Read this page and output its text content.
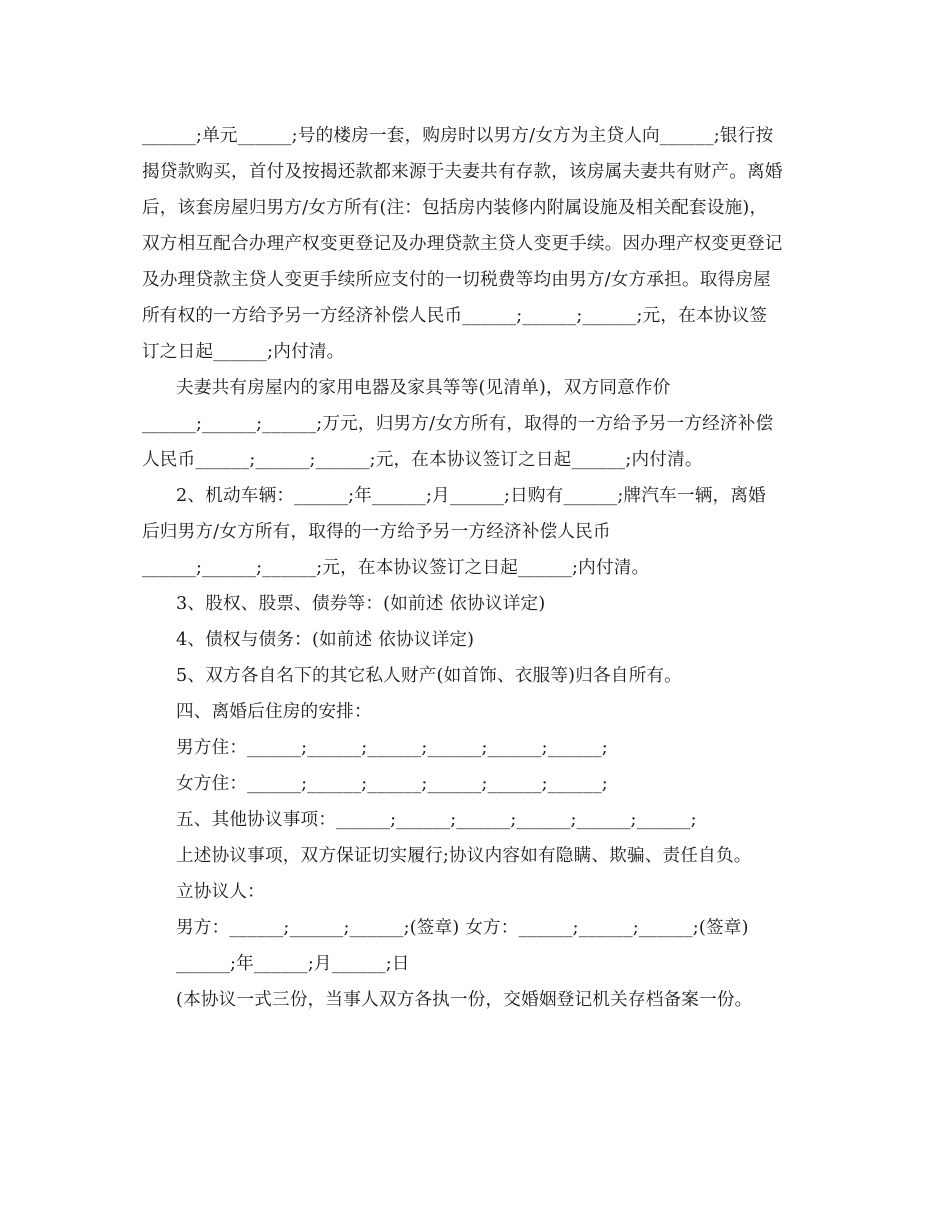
______;单元______;号的楼房一套，购房时以男方/女方为主贷人向______;银行按
揭贷款购买，首付及按揭还款都来源于夫妻共有存款，该房属夫妻共有财产。离婚
后，该套房屋归男方/女方所有(注：包括房内装修内附属设施及相关配套设施)，
双方相互配合办理产权变更登记及办理贷款主贷人变更手续。因办理产权变更登记
及办理贷款主贷人变更手续所应支付的一切税费等均由男方/女方承担。取得房屋
所有权的一方给予另一方经济补偿人民币______;______;______;元，在本协议签
订之日起______;内付清。
夫妻共有房屋内的家用电器及家具等等(见清单)，双方同意作价
______;______;______;万元，归男方/女方所有，取得的一方给予另一方经济补偿
人民币______;______;______;元，在本协议签订之日起______;内付清。
2、机动车辆：______;年______;月______;日购有______;牌汽车一辆，离婚
后归男方/女方所有，取得的一方给予另一方经济补偿人民币
______;______;______;元，在本协议签订之日起______;内付清。
3、股权、股票、债券等：(如前述 依协议详定)
4、债权与债务：(如前述 依协议详定)
5、双方各自名下的其它私人财产(如首饰、衣服等)归各自所有。
四、离婚后住房的安排：
男方住：______;______;______;______;______;______;
女方住：______;______;______;______;______;______;
五、其他协议事项：______;______;______;______;______;______;
上述协议事项，双方保证切实履行;协议内容如有隐瞒、欺骗、责任自负。
立协议人：
男方：______;______;______;(签章) 女方：______;______;______;(签章)
______;年______;月______;日
(本协议一式三份，当事人双方各执一份，交婚姻登记机关存档备案一份。
